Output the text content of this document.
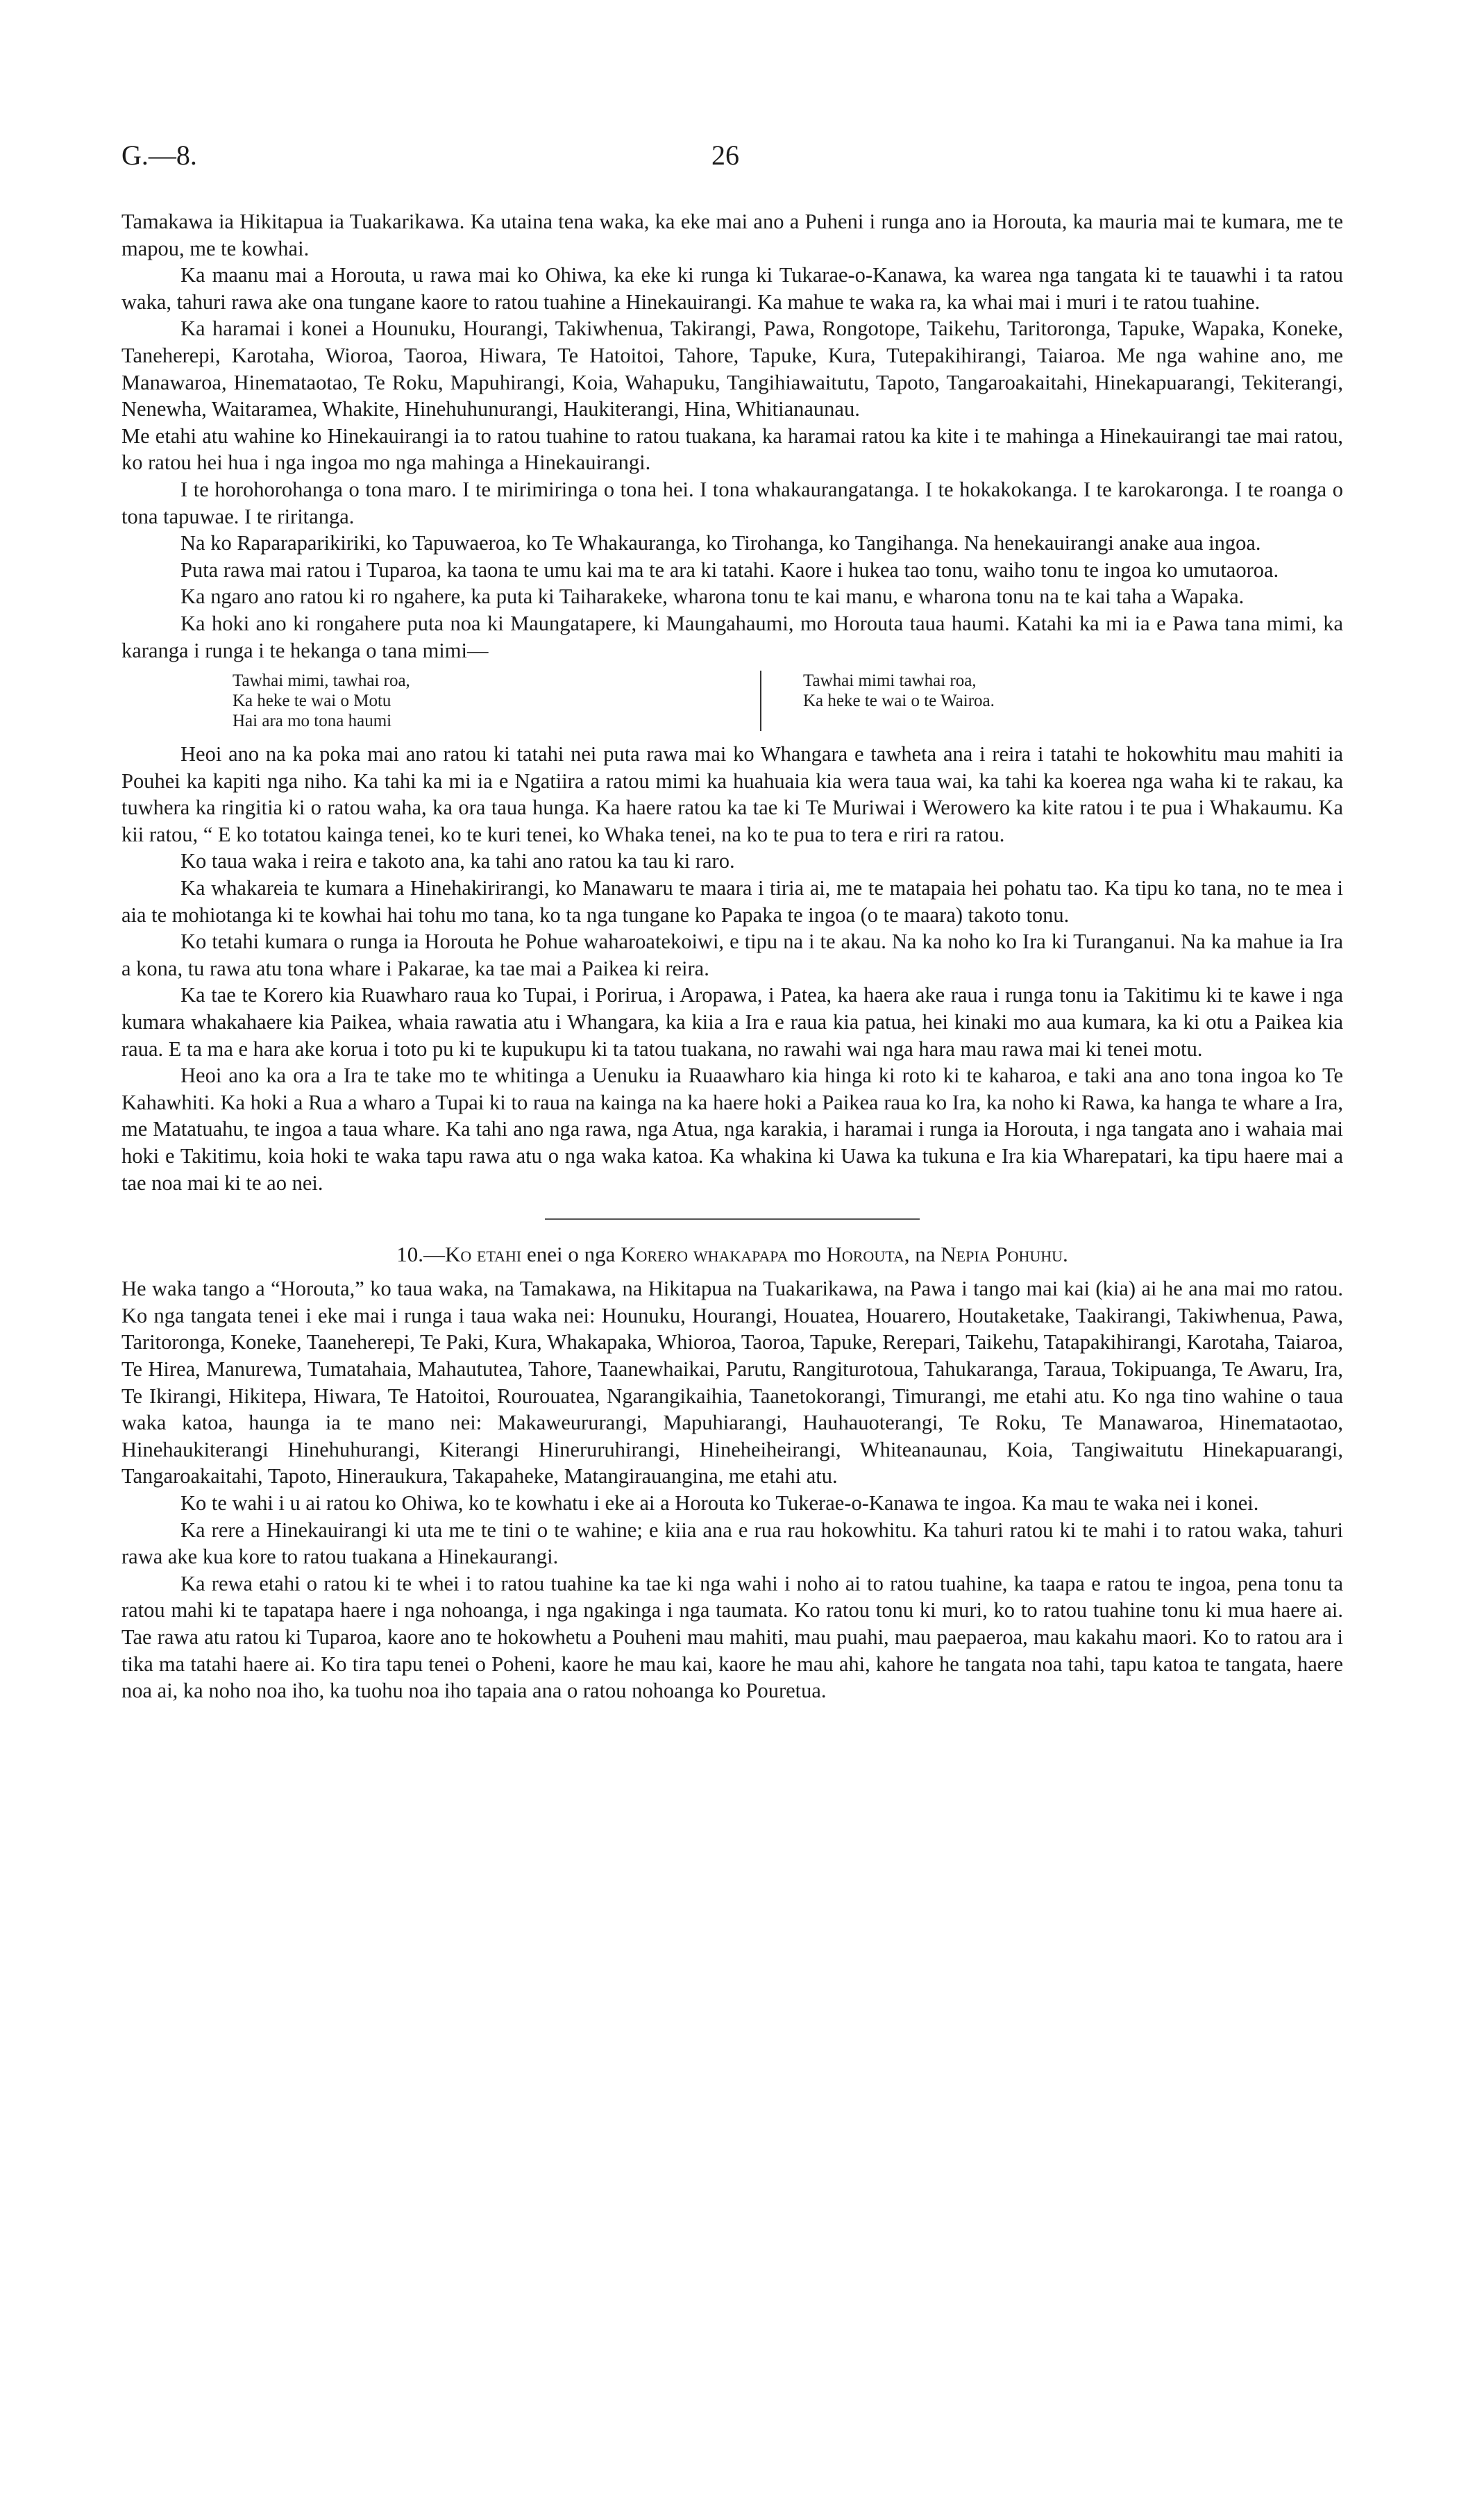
G.—8.	26

Tamakawa ia Hikitapua ia Tuakarikawa. Ka utaina tena waka, ka eke mai ano a Puheni i runga ano ia Horouta, ka mauria mai te kumara, me te mapou, me te kowhai.

Ka maanu mai a Horouta, u rawa mai ko Ohiwa, ka eke ki runga ki Tukarae-o-Kanawa, ka warea nga tangata ki te tauawhi i ta ratou waka, tahuri rawa ake ona tungane kaore to ratou tuahine a Hinekauirangi. Ka mahue te waka ra, ka whai mai i muri i te ratou tuahine.

Ka haramai i konei a Hounuku, Hourangi, Takiwhenua, Takirangi, Pawa, Rongotope, Taikehu, Taritoronga, Tapuke, Wapaka, Koneke, Taneherepi, Karotaha, Wioroa, Taoroa, Hiwara, Te Hatoitoi, Tahore, Tapuke, Kura, Tutepakihirangi, Taiaroa. Me nga wahine ano, me Manawaroa, Hinemataotao, Te Roku, Mapuhirangi, Koia, Wahapuku, Tangihiawaitutu, Tapoto, Tangaroakaitahi, Hinekapuarangi, Tekiterangi, Nenewha, Waitaramea, Whakite, Hinehuhunurangi, Haukiterangi, Hina, Whitianaunau.

Me etahi atu wahine ko Hinekauirangi ia to ratou tuahine to ratou tuakana, ka haramai ratou ka kite i te mahinga a Hinekauirangi tae mai ratou, ko ratou hei hua i nga ingoa mo nga mahinga a Hinekauirangi.

I te horohorohanga o tona maro. I te mirimiringa o tona hei. I tona whakaurangatanga. I te hokakokanga. I te karokaronga. I te roanga o tona tapuwae. I te riritanga.

Na ko Raparaparikiriki, ko Tapuwaeroa, ko Te Whakauranga, ko Tirohanga, ko Tangihanga. Na henekauirangi anake aua ingoa.

Puta rawa mai ratou i Tuparoa, ka taona te umu kai ma te ara ki tatahi. Kaore i hukea tao tonu, waiho tonu te ingoa ko umutaoroa.

Ka ngaro ano ratou ki ro ngahere, ka puta ki Taiharakeke, wharona tonu te kai manu, e wharona tonu na te kai taha a Wapaka.

Ka hoki ano ki rongahere puta noa ki Maungatapere, ki Maungahaumi, mo Horouta taua haumi. Katahi ka mi ia e Pawa tana mimi, ka karanga i runga i te hekanga o tana mimi—

Tawhai mimi, tawhai roa,
Ka heke te wai o Motu
Hai ara mo tona haumi
Tawhai mimi tawhai roa,
Ka heke te wai o te Wairoa.

Heoi ano na ka poka mai ano ratou ki tatahi nei puta rawa mai ko Whangara e tawheta ana i reira i tatahi te hokowhitu mau mahiti ia Pouhei ka kapiti nga niho. Ka tahi ka mi ia e Ngatiira a ratou mimi ka huahuaia kia wera taua wai, ka tahi ka koerea nga waha ki te rakau, ka tuwhera ka ringitia ki o ratou waha, ka ora taua hunga. Ka haere ratou ka tae ki Te Muriwai i Werowero ka kite ratou i te pua i Whakaumu. Ka kii ratou, “ E ko totatou kainga tenei, ko te kuri tenei, ko Whaka tenei, na ko te pua to tera e riri ra ratou.

Ko taua waka i reira e takoto ana, ka tahi ano ratou ka tau ki raro.

Ka whakareia te kumara a Hinehakirirangi, ko Manawaru te maara i tiria ai, me te matapaia hei pohatu tao. Ka tipu ko tana, no te mea i aia te mohiotanga ki te kowhai hai tohu mo tana, ko ta nga tungane ko Papaka te ingoa (o te maara) takoto tonu.

Ko tetahi kumara o runga ia Horouta he Pohue waharoatekoiwi, e tipu na i te akau. Na ka noho ko Ira ki Turanganui. Na ka mahue ia Ira a kona, tu rawa atu tona whare i Pakarae, ka tae mai a Paikea ki reira.

Ka tae te Korero kia Ruawharo raua ko Tupai, i Porirua, i Aropawa, i Patea, ka haera ake raua i runga tonu ia Takitimu ki te kawe i nga kumara whakahaere kia Paikea, whaia rawatia atu i Whangara, ka kiia a Ira e raua kia patua, hei kinaki mo aua kumara, ka ki otu a Paikea kia raua. E ta ma e hara ake korua i toto pu ki te kupukupu ki ta tatou tuakana, no rawahi wai nga hara mau rawa mai ki tenei motu.

Heoi ano ka ora a Ira te take mo te whitinga a Uenuku ia Ruaawharo kia hinga ki roto ki te kaharoa, e taki ana ano tona ingoa ko Te Kahawhiti. Ka hoki a Rua a wharo a Tupai ki to raua na kainga na ka haere hoki a Paikea raua ko Ira, ka noho ki Rawa, ka hanga te whare a Ira, me Matatuahu, te ingoa a taua whare. Ka tahi ano nga rawa, nga Atua, nga karakia, i haramai i runga ia Horouta, i nga tangata ano i wahaia mai hoki e Takitimu, koia hoki te waka tapu rawa atu o nga waka katoa. Ka whakina ki Uawa ka tukuna e Ira kia Wharepatari, ka tipu haere mai a tae noa mai ki te ao nei.

10.—Ko etahi enei o nga Korero whakapapa mo Horouta, na Nepia Pohuhu.

He waka tango a “Horouta,” ko taua waka, na Tamakawa, na Hikitapua na Tuakarikawa, na Pawa i tango mai kai (kia) ai he ana mai mo ratou. Ko nga tangata tenei i eke mai i runga i taua waka nei: Hounuku, Hourangi, Houatea, Houarero, Houtaketake, Taakirangi, Takiwhenua, Pawa, Taritoronga, Koneke, Taaneherepi, Te Paki, Kura, Whakapaka, Whioroa, Taoroa, Tapuke, Rerepari, Taikehu, Tatapakihirangi, Karotaha, Taiaroa, Te Hirea, Manurewa, Tumatahaia, Mahaututea, Tahore, Taanewhaikai, Parutu, Rangiturotoua, Tahukaranga, Taraua, Tokipuanga, Te Awaru, Ira, Te Ikirangi, Hikitepa, Hiwara, Te Hatoitoi, Rourouatea, Ngarangikaihia, Taanetokorangi, Timurangi, me etahi atu. Ko nga tino wahine o taua waka katoa, haunga ia te mano nei: Makaweururangi, Mapuhiarangi, Hauhauoterangi, Te Roku, Te Manawaroa, Hinemataotao, Hinehaukiterangi Hinehuhurangi, Kiterangi Hineruruhirangi, Hineheiheirangi, Whiteanaunau, Koia, Tangiwaitutu Hinekapuarangi, Tangaroakaitahi, Tapoto, Hineraukura, Takapaheke, Matangirauangina, me etahi atu.

Ko te wahi i u ai ratou ko Ohiwa, ko te kowhatu i eke ai a Horouta ko Tukerae-o-Kanawa te ingoa. Ka mau te waka nei i konei.

Ka rere a Hinekauirangi ki uta me te tini o te wahine; e kiia ana e rua rau hokowhitu. Ka tahuri ratou ki te mahi i to ratou waka, tahuri rawa ake kua kore to ratou tuakana a Hinekaurangi.

Ka rewa etahi o ratou ki te whei i to ratou tuahine ka tae ki nga wahi i noho ai to ratou tuahine, ka taapa e ratou te ingoa, pena tonu ta ratou mahi ki te tapatapa haere i nga nohoanga, i nga ngakinga i nga taumata. Ko ratou tonu ki muri, ko to ratou tuahine tonu ki mua haere ai. Tae rawa atu ratou ki Tuparoa, kaore ano te hokowhetu a Pouheni mau mahiti, mau puahi, mau paepaeroa, mau kakahu maori. Ko to ratou ara i tika ma tatahi haere ai. Ko tira tapu tenei o Poheni, kaore he mau kai, kaore he mau ahi, kahore he tangata noa tahi, tapu katoa te tangata, haere noa ai, ka noho noa iho, ka tuohu noa iho tapaia ana o ratou nohoanga ko Pouretua.
